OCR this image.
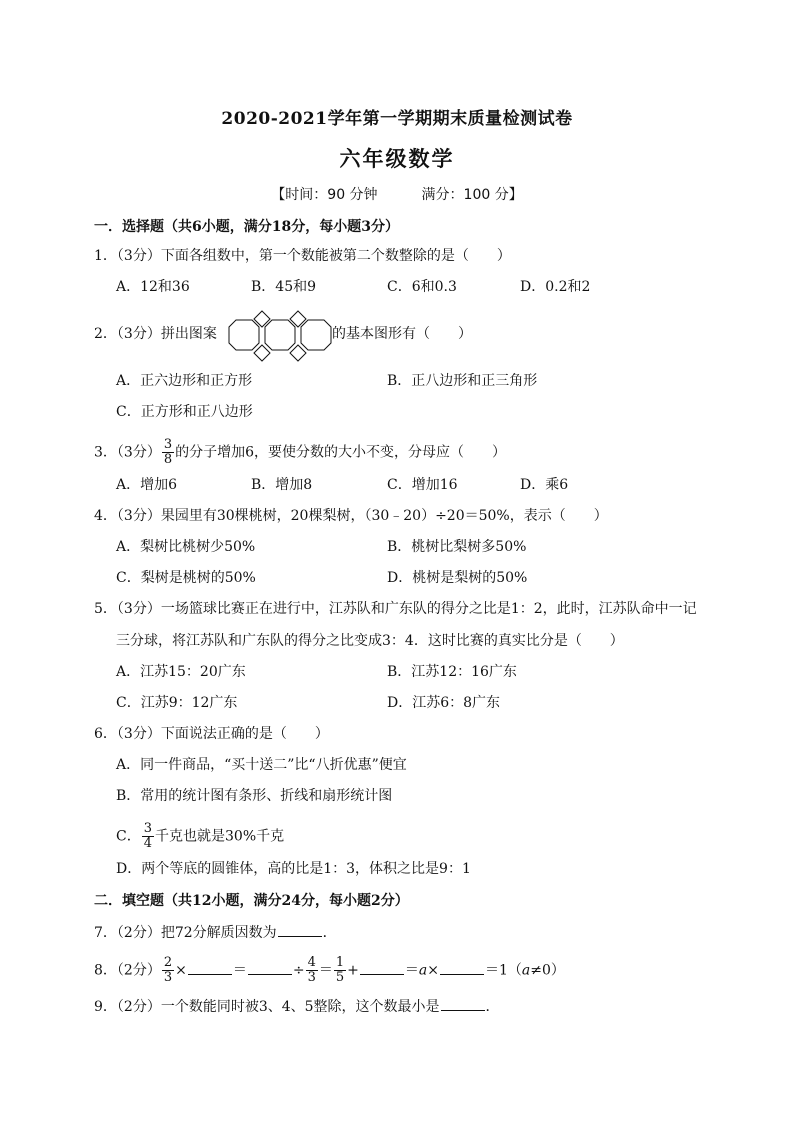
2020-2021学年第一学期期末质量检测试卷
六年级数学
【时间：90 分钟	满分：100 分】
一．选择题（共6小题，满分18分，每小题3分）
1．（3分）下面各组数中，第一个数能被第二个数整除的是（　　）
A．12和36	B．45和9	C．6和0.3	D．0.2和2
2．（3分）拼出图案	的基本图形有（　　）
A．正六边形和正方形	B．正八边形和正三角形
C．正方形和正八边形
3．（3分） $\frac{3}{8}$ 的分子增加6，要使分数的大小不变，分母应（　　）
A．增加6	B．增加8	C．增加16	D．乘6
4．（3分）果园里有30棵桃树，20棵梨树，（30﹣20）÷20＝50%，表示（　　）
A．梨树比桃树少50%	B．桃树比梨树多50%
C．梨树是桃树的50%	D．桃树是梨树的50%
5．（3分）一场篮球比赛正在进行中，江苏队和广东队的得分之比是1：2，此时，江苏队命中一记
三分球，将江苏队和广东队的得分之比变成3：4．这时比赛的真实比分是（　　）
A．江苏15：20广东	B．江苏12：16广东
C．江苏9：12广东	D．江苏6：8广东
6．（3分）下面说法正确的是（　　）
A．同一件商品，“买十送二”比“八折优惠”便宜
B．常用的统计图有条形、折线和扇形统计图
C． $\frac{3}{4}$ 千克也就是30%千克
D．两个等底的圆锥体，高的比是1：3，体积之比是9：1
二．填空题（共12小题，满分24分，每小题2分）
7．（2分）把72分解质因数为	．
8．（2分） $\frac{2}{3}$ ×	＝	÷ $\frac{4}{3} = \frac{1}{5}$ +	＝a×	＝1（a≠0）
9．（2分）一个数能同时被3、4、5整除，这个数最小是	．
